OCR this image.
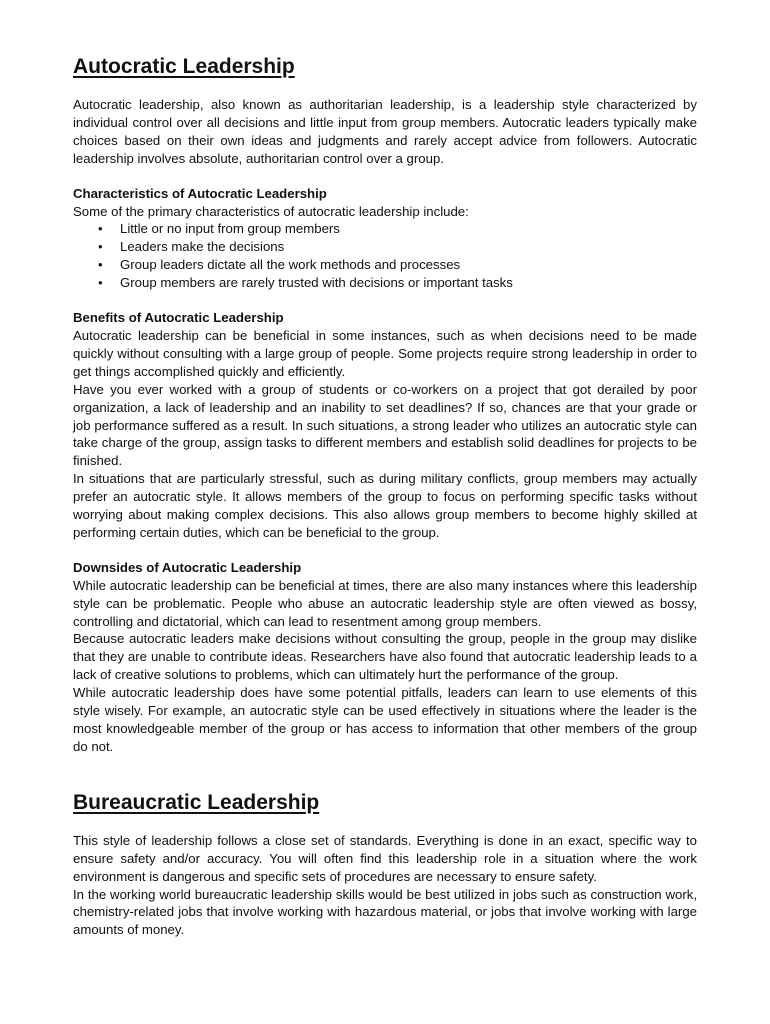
Autocratic Leadership

Autocratic leadership, also known as authoritarian leadership, is a leadership style characterized by individual control over all decisions and little input from group members. Autocratic leaders typically make choices based on their own ideas and judgments and rarely accept advice from followers. Autocratic leadership involves absolute, authoritarian control over a group.

Characteristics of Autocratic Leadership

Some of the primary characteristics of autocratic leadership include:

• Little or no input from group members
• Leaders make the decisions
• Group leaders dictate all the work methods and processes
• Group members are rarely trusted with decisions or important tasks
Benefits of Autocratic Leadership

Autocratic leadership can be beneficial in some instances, such as when decisions need to be made quickly without consulting with a large group of people. Some projects require strong leadership in order to get things accomplished quickly and efficiently.

Have you ever worked with a group of students or co-workers on a project that got derailed by poor organization, a lack of leadership and an inability to set deadlines? If so, chances are that your grade or job performance suffered as a result. In such situations, a strong leader who utilizes an autocratic style can take charge of the group, assign tasks to different members and establish solid deadlines for projects to be finished.

In situations that are particularly stressful, such as during military conflicts, group members may actually prefer an autocratic style. It allows members of the group to focus on performing specific tasks without worrying about making complex decisions. This also allows group members to become highly skilled at performing certain duties, which can be beneficial to the group.

Downsides of Autocratic Leadership

While autocratic leadership can be beneficial at times, there are also many instances where this leadership style can be problematic. People who abuse an autocratic leadership style are often viewed as bossy, controlling and dictatorial, which can lead to resentment among group members.

Because autocratic leaders make decisions without consulting the group, people in the group may dislike that they are unable to contribute ideas. Researchers have also found that autocratic leadership leads to a lack of creative solutions to problems, which can ultimately hurt the performance of the group.

While autocratic leadership does have some potential pitfalls, leaders can learn to use elements of this style wisely. For example, an autocratic style can be used effectively in situations where the leader is the most knowledgeable member of the group or has access to information that other members of the group do not.

Bureaucratic Leadership

This style of leadership follows a close set of standards. Everything is done in an exact, specific way to ensure safety and/or accuracy. You will often find this leadership role in a situation where the work environment is dangerous and specific sets of procedures are necessary to ensure safety.

In the working world bureaucratic leadership skills would be best utilized in jobs such as construction work, chemistry-related jobs that involve working with hazardous material, or jobs that involve working with large amounts of money.
